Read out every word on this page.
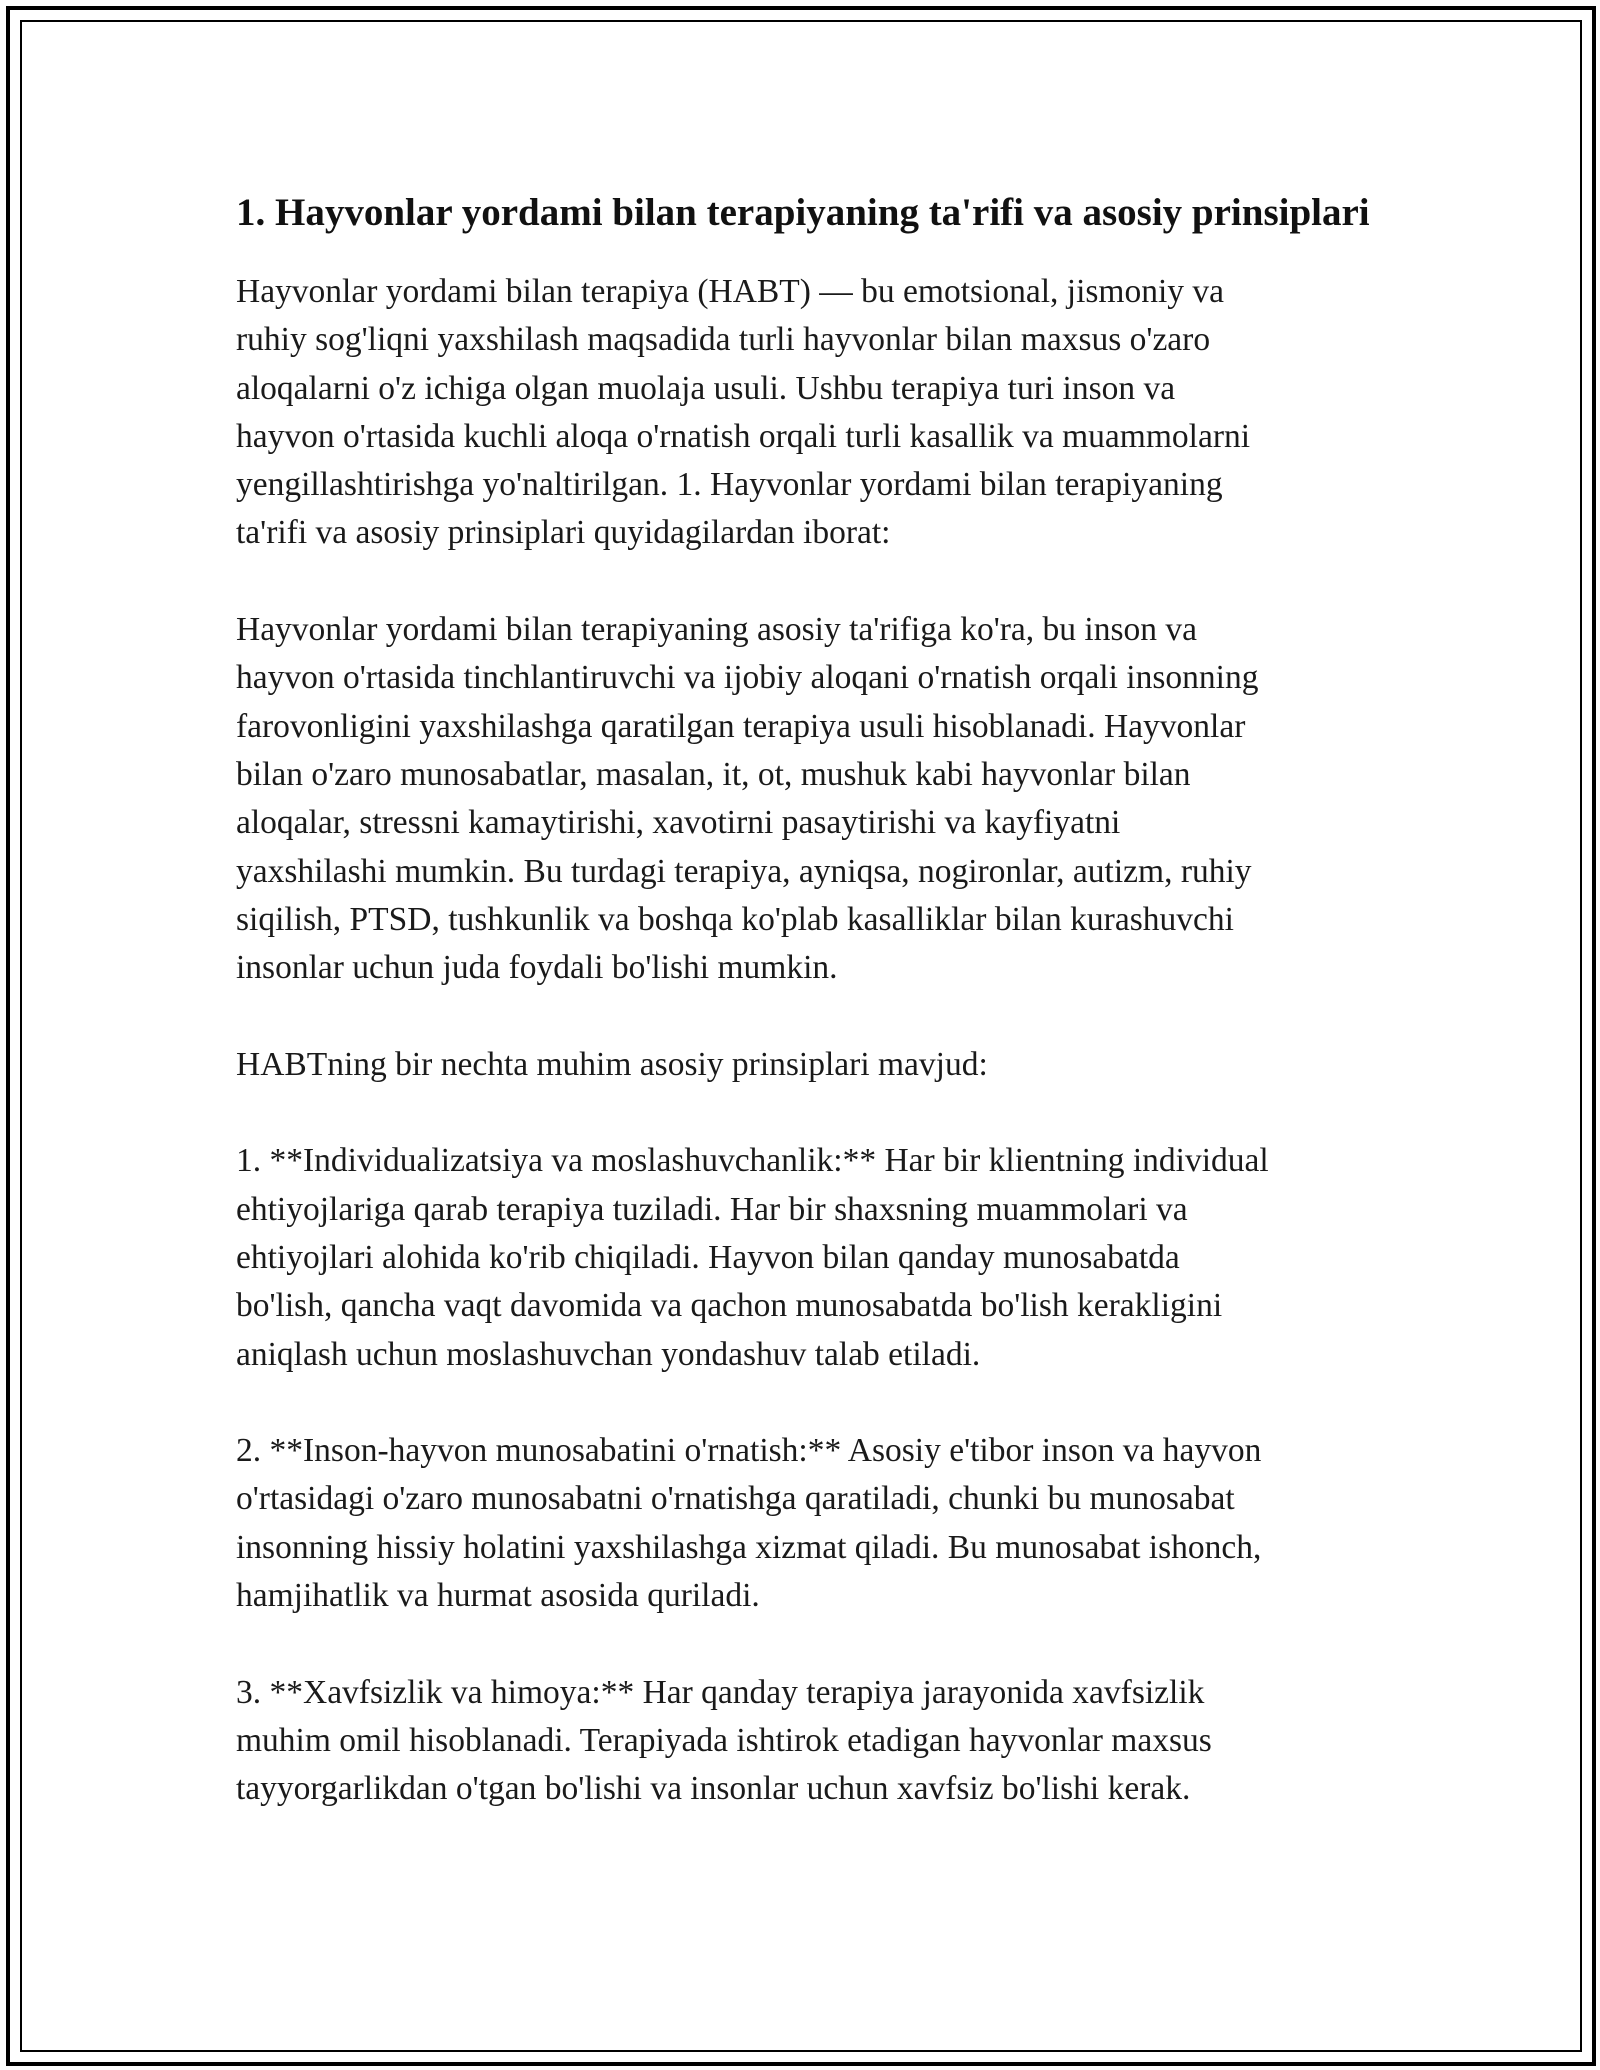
1. Hayvonlar yordami bilan terapiyaning ta'rifi va asosiy prinsiplari

Hayvonlar yordami bilan terapiya (HABT) — bu emotsional, jismoniy va
ruhiy sog'liqni yaxshilash maqsadida turli hayvonlar bilan maxsus o'zaro
aloqalarni o'z ichiga olgan muolaja usuli. Ushbu terapiya turi inson va
hayvon o'rtasida kuchli aloqa o'rnatish orqali turli kasallik va muammolarni
yengillashtirishga yo'naltirilgan. 1. Hayvonlar yordami bilan terapiyaning
ta'rifi va asosiy prinsiplari quyidagilardan iborat:

Hayvonlar yordami bilan terapiyaning asosiy ta'rifiga ko'ra, bu inson va
hayvon o'rtasida tinchlantiruvchi va ijobiy aloqani o'rnatish orqali insonning
farovonligini yaxshilashga qaratilgan terapiya usuli hisoblanadi. Hayvonlar
bilan o'zaro munosabatlar, masalan, it, ot, mushuk kabi hayvonlar bilan
aloqalar, stressni kamaytirishi, xavotirni pasaytirishi va kayfiyatni
yaxshilashi mumkin. Bu turdagi terapiya, ayniqsa, nogironlar, autizm, ruhiy
siqilish, PTSD, tushkunlik va boshqa ko'plab kasalliklar bilan kurashuvchi
insonlar uchun juda foydali bo'lishi mumkin.

HABTning bir nechta muhim asosiy prinsiplari mavjud:

1. **Individualizatsiya va moslashuvchanlik:** Har bir klientning individual
ehtiyojlariga qarab terapiya tuziladi. Har bir shaxsning muammolari va
ehtiyojlari alohida ko'rib chiqiladi. Hayvon bilan qanday munosabatda
bo'lish, qancha vaqt davomida va qachon munosabatda bo'lish kerakligini
aniqlash uchun moslashuvchan yondashuv talab etiladi.

2. **Inson-hayvon munosabatini o'rnatish:** Asosiy e'tibor inson va hayvon
o'rtasidagi o'zaro munosabatni o'rnatishga qaratiladi, chunki bu munosabat
insonning hissiy holatini yaxshilashga xizmat qiladi. Bu munosabat ishonch,
hamjihatlik va hurmat asosida quriladi.

3. **Xavfsizlik va himoya:** Har qanday terapiya jarayonida xavfsizlik
muhim omil hisoblanadi. Terapiyada ishtirok etadigan hayvonlar maxsus
tayyorgarlikdan o'tgan bo'lishi va insonlar uchun xavfsiz bo'lishi kerak.
